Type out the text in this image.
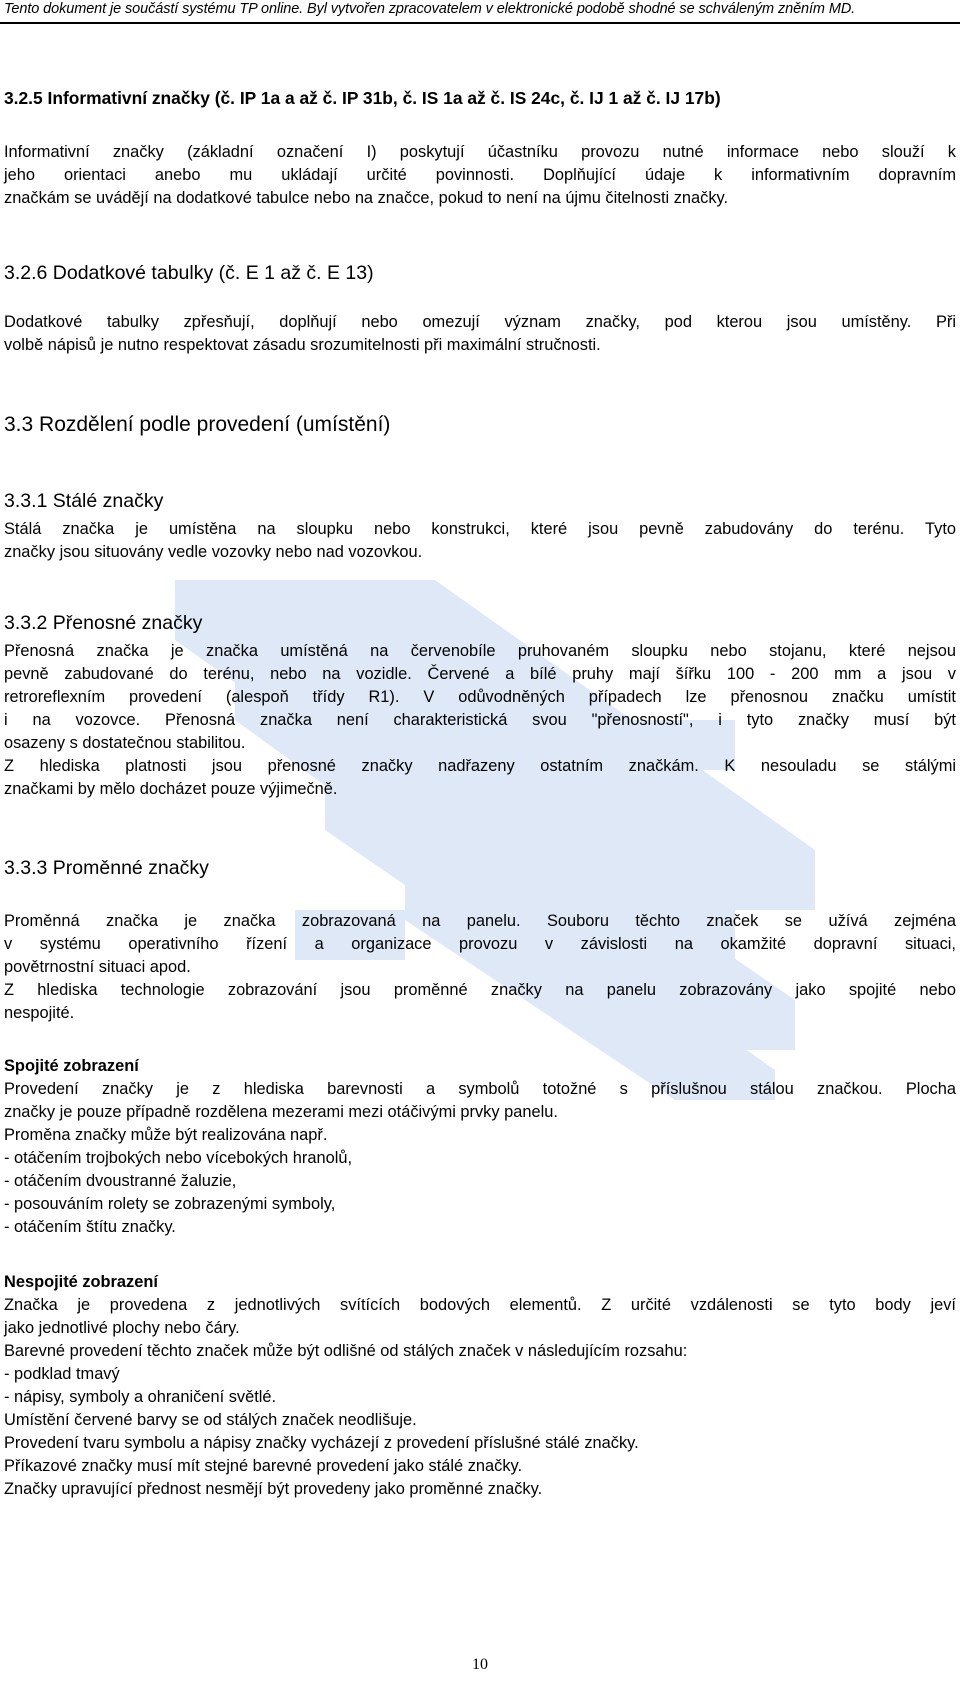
Tento dokument je součástí systému TP online. Byl vytvořen zpracovatelem v elektronické podobě shodné se schváleným zněním MD.
3.2.5 Informativní značky (č. IP 1a a až č. IP 31b, č. IS 1a až č. IS 24c, č. IJ 1 až č. IJ 17b)
Informativní značky (základní označení I) poskytují účastníku provozu nutné informace nebo slouží k
jeho orientaci anebo mu ukládají určité povinnosti. Doplňující údaje k informativním dopravním
značkám se uvádějí na dodatkové tabulce nebo na značce, pokud to není na újmu čitelnosti značky.
3.2.6 Dodatkové tabulky (č. E 1 až č. E 13)
Dodatkové tabulky zpřesňují, doplňují nebo omezují význam značky, pod kterou jsou umístěny. Při
volbě nápisů je nutno respektovat zásadu srozumitelnosti při maximální stručnosti.
3.3 Rozdělení podle provedení (umístění)
3.3.1 Stálé značky
Stálá značka je umístěna na sloupku nebo konstrukci, které jsou pevně zabudovány do terénu. Tyto
značky jsou situovány vedle vozovky nebo nad vozovkou.
3.3.2 Přenosné značky
Přenosná značka je značka umístěná na červenobíle pruhovaném sloupku nebo stojanu, které nejsou
pevně zabudované do terénu, nebo na vozidle. Červené a bílé pruhy mají šířku 100 - 200 mm a jsou v
retroreflexním provedení (alespoň třídy R1). V odůvodněných případech lze přenosnou značku umístit
i na vozovce. Přenosná značka není charakteristická svou "přenosností", i tyto značky musí být
osazeny s dostatečnou stabilitou.
Z hlediska platnosti jsou přenosné značky nadřazeny ostatním značkám. K nesouladu se stálými
značkami by mělo docházet pouze výjimečně.
3.3.3 Proměnné značky
Proměnná značka je značka zobrazovaná na panelu. Souboru těchto značek se užívá zejména
v systému operativního řízení a organizace provozu v závislosti na okamžité dopravní situaci,
povětrnostní situaci apod.
Z hlediska technologie zobrazování jsou proměnné značky na panelu zobrazovány jako spojité nebo
nespojité.
Spojité zobrazení
Provedení značky je z hlediska barevnosti a symbolů totožné s příslušnou stálou značkou. Plocha
značky je pouze případně rozdělena mezerami mezi otáčivými prvky panelu.
Proměna značky může být realizována např.
- otáčením trojbokých nebo vícebokých hranolů,
- otáčením dvoustranné žaluzie,
- posouváním rolety se zobrazenými symboly,
- otáčením štítu značky.
Nespojité zobrazení
Značka je provedena z jednotlivých svítících bodových elementů. Z určité vzdálenosti se tyto body jeví
jako jednotlivé plochy nebo čáry.
Barevné provedení těchto značek může být odlišné od stálých značek v následujícím rozsahu:
- podklad tmavý
- nápisy, symboly a ohraničení světlé.
Umístění červené barvy se od stálých značek neodlišuje.
Provedení tvaru symbolu a nápisy značky vycházejí z provedení příslušné stálé značky.
Příkazové značky musí mít stejné barevné provedení jako stálé značky.
Značky upravující přednost nesmějí být provedeny jako proměnné značky.
10
